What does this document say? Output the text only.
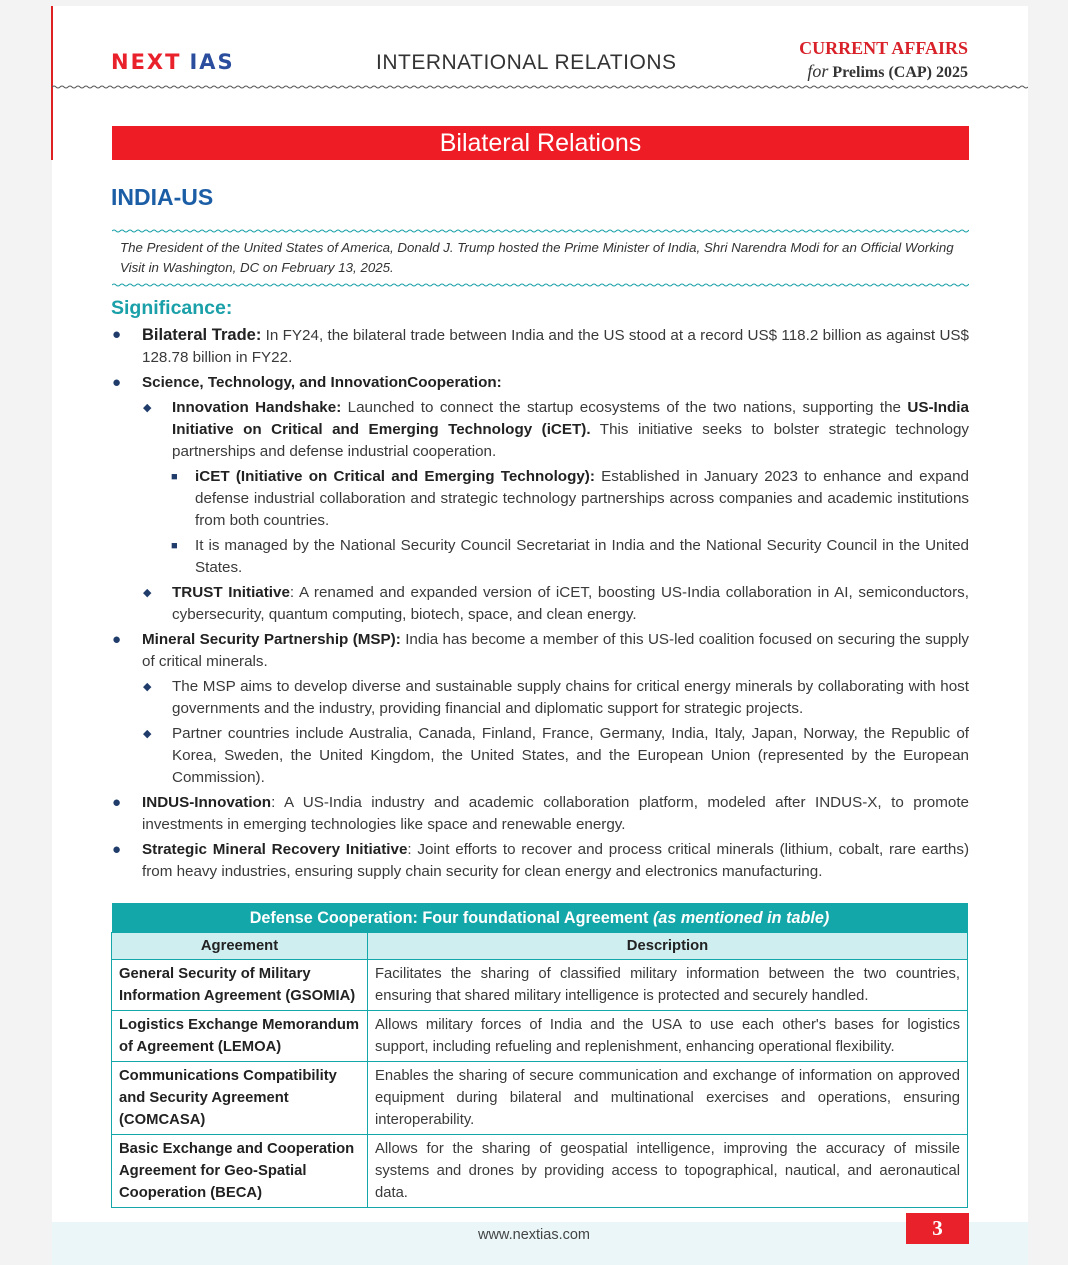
NEXT IAS	INTERNATIONAL RELATIONS
CURRENT AFFAIRS
for Prelims (CAP) 2025
Bilateral Relations
INDIA-US
The President of the United States of America, Donald J. Trump hosted the Prime Minister of India, Shri Narendra Modi for an Official Working Visit in Washington, DC on February 13, 2025.
Significance:
● Bilateral Trade: In FY24, the bilateral trade between India and the US stood at a record US$ 118.2 billion as against US$ 128.78 billion in FY22.
● Science, Technology, and InnovationCooperation:
◆ Innovation Handshake: Launched to connect the startup ecosystems of the two nations, supporting the US-India Initiative on Critical and Emerging Technology (iCET). This initiative seeks to bolster strategic technology partnerships and defense industrial cooperation.
■ iCET (Initiative on Critical and Emerging Technology): Established in January 2023 to enhance and expand defense industrial collaboration and strategic technology partnerships across companies and academic institutions from both countries.
■ It is managed by the National Security Council Secretariat in India and the National Security Council in the United States.
◆ TRUST Initiative: A renamed and expanded version of iCET, boosting US-India collaboration in AI, semiconductors, cybersecurity, quantum computing, biotech, space, and clean energy.
● Mineral Security Partnership (MSP): India has become a member of this US-led coalition focused on securing the supply of critical minerals.
◆ The MSP aims to develop diverse and sustainable supply chains for critical energy minerals by collaborating with host governments and the industry, providing financial and diplomatic support for strategic projects.
◆ Partner countries include Australia, Canada, Finland, France, Germany, India, Italy, Japan, Norway, the Republic of Korea, Sweden, the United Kingdom, the United States, and the European Union (represented by the European Commission).
● INDUS-Innovation: A US-India industry and academic collaboration platform, modeled after INDUS-X, to promote investments in emerging technologies like space and renewable energy.
● Strategic Mineral Recovery Initiative: Joint efforts to recover and process critical minerals (lithium, cobalt, rare earths) from heavy industries, ensuring supply chain security for clean energy and electronics manufacturing.
Defense Cooperation: Four foundational Agreement (as mentioned in table)	
Agreement	Description
General Security of Military Information Agreement (GSOMIA)	Facilitates the sharing of classified military information between the two countries, ensuring that shared military intelligence is protected and securely handled.
Logistics Exchange Memorandum of Agreement (LEMOA)	Allows military forces of India and the USA to use each other's bases for logistics support, including refueling and replenishment, enhancing operational flexibility.
Communications Compatibility and Security Agreement (COMCASA)	Enables the sharing of secure communication and exchange of information on approved equipment during bilateral and multinational exercises and operations, ensuring interoperability.
Basic Exchange and Cooperation Agreement for Geo-Spatial Cooperation (BECA)	Allows for the sharing of geospatial intelligence, improving the accuracy of missile systems and drones by providing access to topographical, nautical, and aeronautical data.
www.nextias.com	3
